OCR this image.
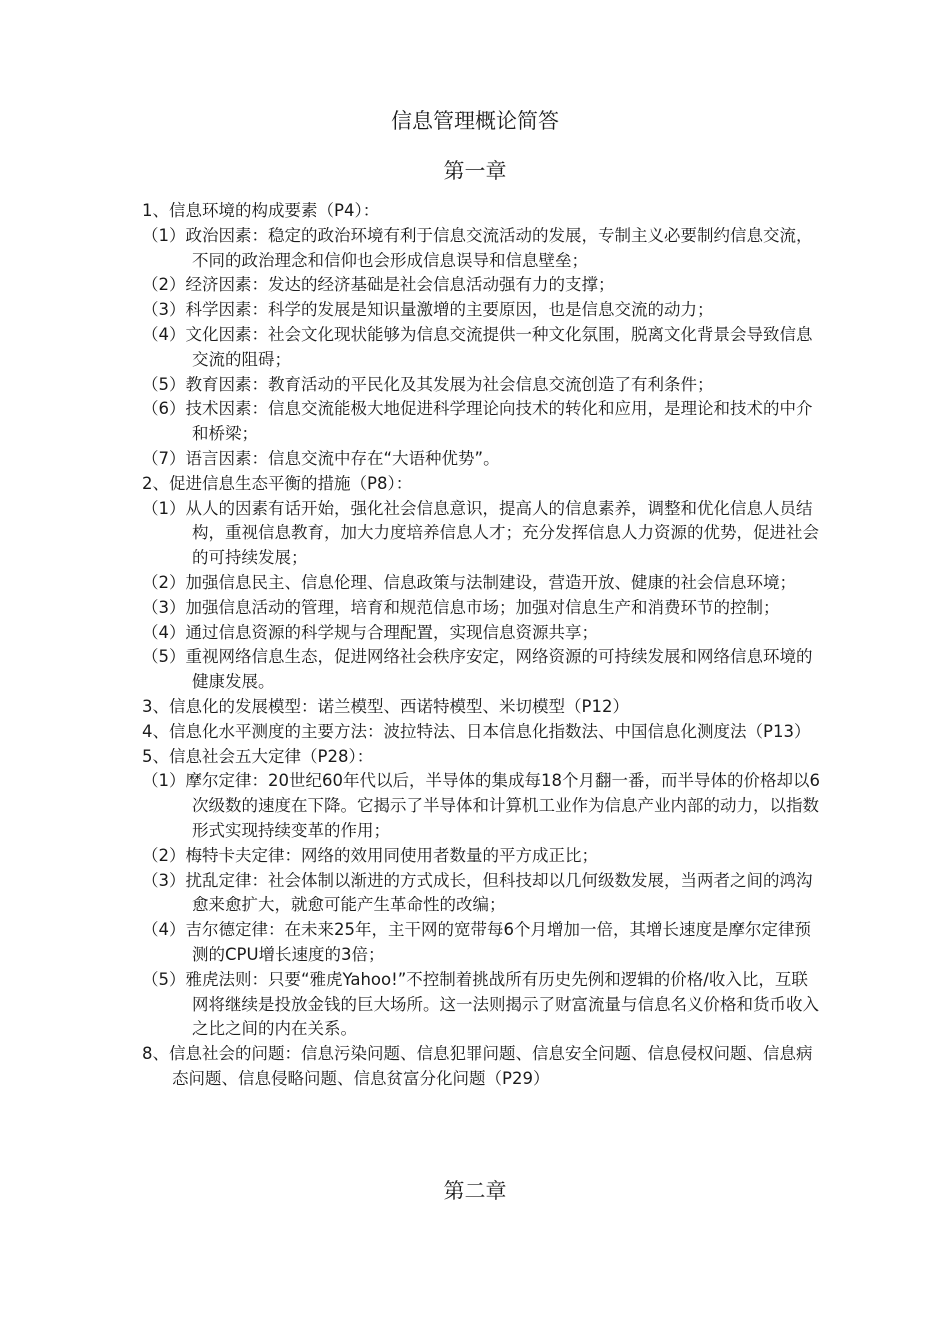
信息管理概论简答
第一章
1、信息环境的构成要素（P4）：
（1）政治因素：稳定的政治环境有利于信息交流活动的发展，专制主义必要制约信息交流，不同的政治理念和信仰也会形成信息误导和信息壁垒；
（2）经济因素：发达的经济基础是社会信息活动强有力的支撑；
（3）科学因素：科学的发展是知识量激增的主要原因，也是信息交流的动力；
（4）文化因素：社会文化现状能够为信息交流提供一种文化氛围，脱离文化背景会导致信息交流的阻碍；
（5）教育因素：教育活动的平民化及其发展为社会信息交流创造了有利条件；
（6）技术因素：信息交流能极大地促进科学理论向技术的转化和应用，是理论和技术的中介和桥梁；
（7）语言因素：信息交流中存在“大语种优势”。
2、促进信息生态平衡的措施（P8）：
（1）从人的因素有话开始，强化社会信息意识，提高人的信息素养，调整和优化信息人员结构，重视信息教育，加大力度培养信息人才；充分发挥信息人力资源的优势，促进社会的可持续发展；
（2）加强信息民主、信息伦理、信息政策与法制建设，营造开放、健康的社会信息环境；
（3）加强信息活动的管理，培育和规范信息市场；加强对信息生产和消费环节的控制；
（4）通过信息资源的科学规与合理配置，实现信息资源共享；
（5）重视网络信息生态，促进网络社会秩序安定，网络资源的可持续发展和网络信息环境的健康发展。
3、信息化的发展模型：诺兰模型、西诺特模型、米切模型（P12）
4、信息化水平测度的主要方法：波拉特法、日本信息化指数法、中国信息化测度法（P13）
5、信息社会五大定律（P28）：
（1）摩尔定律：20世纪60年代以后，半导体的集成每18个月翻一番，而半导体的价格却以6次级数的速度在下降。它揭示了半导体和计算机工业作为信息产业内部的动力，以指数形式实现持续变革的作用；
（2）梅特卡夫定律：网络的效用同使用者数量的平方成正比；
（3）扰乱定律：社会体制以渐进的方式成长，但科技却以几何级数发展，当两者之间的鸿沟愈来愈扩大，就愈可能产生革命性的改编；
（4）吉尔德定律：在未来25年，主干网的宽带每6个月增加一倍，其增长速度是摩尔定律预测的CPU增长速度的3倍；
（5）雅虎法则：只要“雅虎Yahoo!”不控制着挑战所有历史先例和逻辑的价格/收入比，互联网将继续是投放金钱的巨大场所。这一法则揭示了财富流量与信息名义价格和货币收入之比之间的内在关系。
8、信息社会的问题：信息污染问题、信息犯罪问题、信息安全问题、信息侵权问题、信息病态问题、信息侵略问题、信息贫富分化问题（P29）
第二章
